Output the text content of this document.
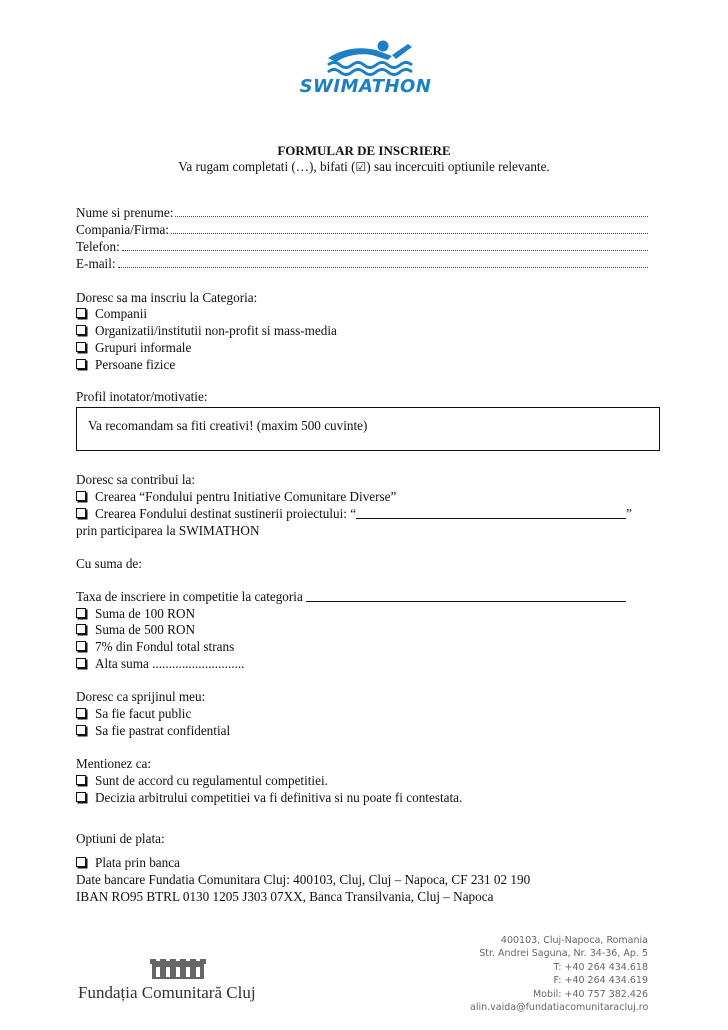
SWIMATHON
FORMULAR DE INSCRIERE
Va rugam completati (…), bifati (☑) sau incercuiti optiunile relevante.
Nume si prenume:
Compania/Firma:
Telefon:
E-mail:
Doresc sa ma inscriu la Categoria:
Companii
Organizatii/institutii non-profit si mass-media
Grupuri informale
Persoane fizice
Profil inotator/motivatie:
Va recomandam sa fiti creativi! (maxim 500 cuvinte)
Doresc sa contribui la:
Crearea “Fondului pentru Initiative Comunitare Diverse”
Crearea Fondului destinat sustinerii proiectului: “	”
prin participarea la SWIMATHON
Cu suma de:
Taxa de inscriere in competitie la categoria
Suma de 100 RON
Suma de 500 RON
7% din Fondul total strans
Alta suma ............................
Doresc ca sprijinul meu:
Sa fie facut public
Sa fie pastrat confidential
Mentionez ca:
Sunt de accord cu regulamentul competitiei.
Decizia arbitrului competitiei va fi definitiva si nu poate fi contestata.
Optiuni de plata:
Plata prin banca
Date bancare Fundatia Comunitara Cluj: 400103, Cluj, Cluj – Napoca, CF 231 02 190
IBAN RO95 BTRL 0130 1205 J303 07XX, Banca Transilvania, Cluj – Napoca
Fundația Comunitară Cluj
400103, Cluj-Napoca, Romania
Str. Andrei Saguna, Nr. 34-36, Ap. 5
T: +40 264 434.618
F: +40 264 434.619
Mobil: +40 757 382.426
alin.vaida@fundatiacomunitaracluj.ro
